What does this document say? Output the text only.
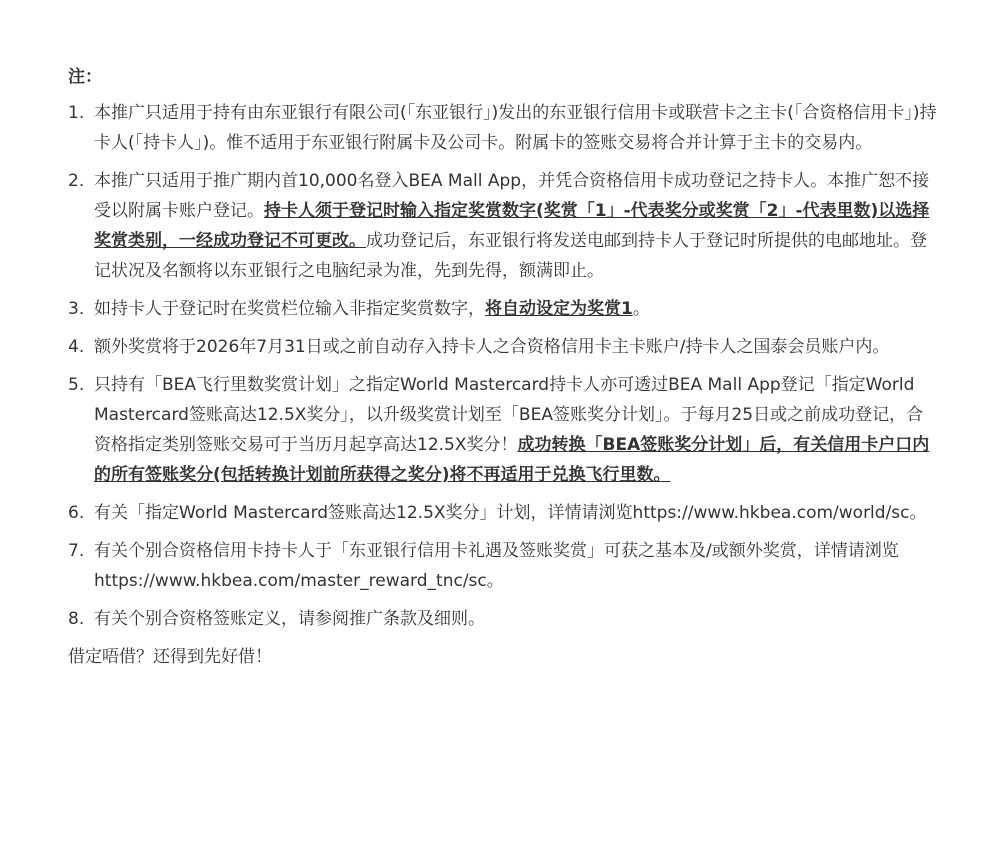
注：
1. 本推广只适用于持有由东亚银行有限公司(「东亚银行」)发出的东亚银行信用卡或联营卡之主卡(「合资格信用卡」)持卡人(「持卡人」)。惟不适用于东亚银行附属卡及公司卡。附属卡的签账交易将合并计算于主卡的交易内。
2. 本推广只适用于推广期内首10,000名登入BEA Mall App，并凭合资格信用卡成功登记之持卡人。本推广恕不接受以附属卡账户登记。持卡人须于登记时输入指定奖赏数字(奖赏「1」-代表奖分或奖赏「2」-代表里数)以选择奖赏类别，一经成功登记不可更改。成功登记后，东亚银行将发送电邮到持卡人于登记时所提供的电邮地址。登记状况及名额将以东亚银行之电脑纪录为准，先到先得，额满即止。
3. 如持卡人于登记时在奖赏栏位输入非指定奖赏数字，将自动设定为奖赏1。
4. 额外奖赏将于2026年7月31日或之前自动存入持卡人之合资格信用卡主卡账户/持卡人之国泰会员账户内。
5. 只持有「BEA飞行里数奖赏计划」之指定World Mastercard持卡人亦可透过BEA Mall App登记「指定World Mastercard签账高达12.5X奖分」，以升级奖赏计划至「BEA签账奖分计划」。于每月25日或之前成功登记，合资格指定类别签账交易可于当历月起享高达12.5X奖分！成功转换「BEA签账奖分计划」后，有关信用卡户口内的所有签账奖分(包括转换计划前所获得之奖分)将不再适用于兑换飞行里数。
6. 有关「指定World Mastercard签账高达12.5X奖分」计划，详情请浏览https://www.hkbea.com/world/sc。
7. 有关个别合资格信用卡持卡人于「东亚银行信用卡礼遇及签账奖赏」可获之基本及/或额外奖赏，详情请浏览https://www.hkbea.com/master_reward_tnc/sc。
8. 有关个别合资格签账定义，请参阅推广条款及细则。
借定唔借？还得到先好借！
